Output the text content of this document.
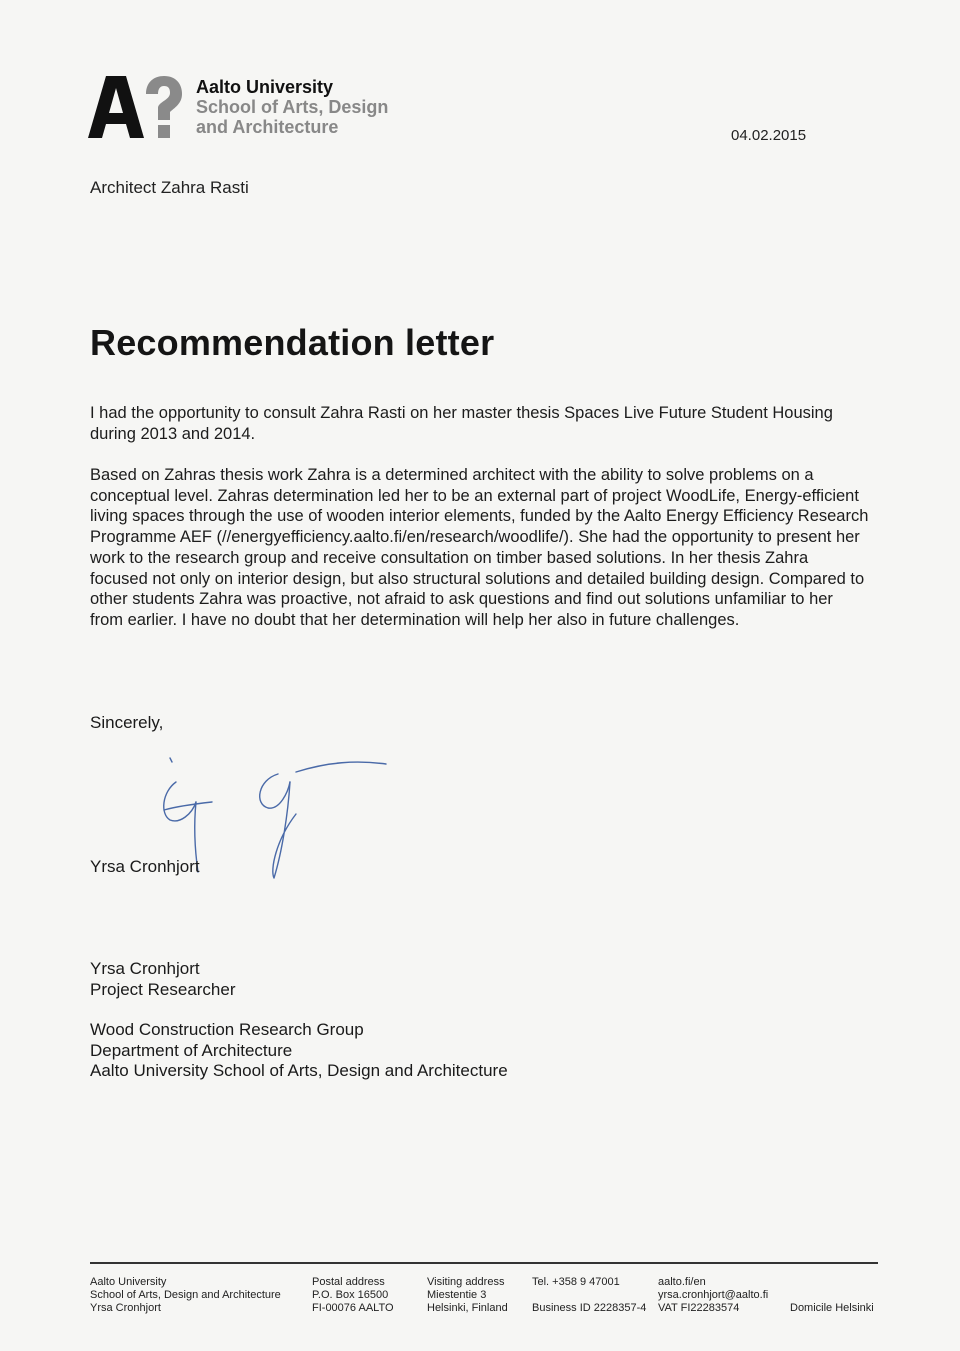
Aalto University
School of Arts, Design
and Architecture	04.02.2015
Architect Zahra Rasti
Recommendation letter
I had the opportunity to consult Zahra Rasti on her master thesis Spaces Live Future Student Housing during 2013 and 2014.
Based on Zahras thesis work Zahra is a determined architect with the ability to solve problems on a conceptual level. Zahras determination led her to be an external part of project WoodLife, Energy-efficient living spaces through the use of wooden interior elements, funded by the Aalto Energy Efficiency Research Programme AEF (//energyefficiency.aalto.fi/en/research/woodlife/). She had the opportunity to present her work to the research group and receive consultation on timber based solutions. In her thesis Zahra focused not only on interior design, but also structural solutions and detailed building design. Compared to other students Zahra was proactive, not afraid to ask questions and find out solutions unfamiliar to her from earlier. I have no doubt that her determination will help her also in future challenges.
Sincerely,
Yrsa Cronhjort
Yrsa Cronhjort
Project Researcher
Wood Construction Research Group
Department of Architecture
Aalto University School of Arts, Design and Architecture
Aalto University
School of Arts, Design and Architecture
Yrsa Cronhjort
Postal address
P.O. Box 16500
FI-00076 AALTO
Visiting address
Miestentie 3
Helsinki, Finland
Tel. +358 9 47001

Business ID 2228357-4
aalto.fi/en
yrsa.cronhjort@aalto.fi
VAT FI22283574	Domicile Helsinki
